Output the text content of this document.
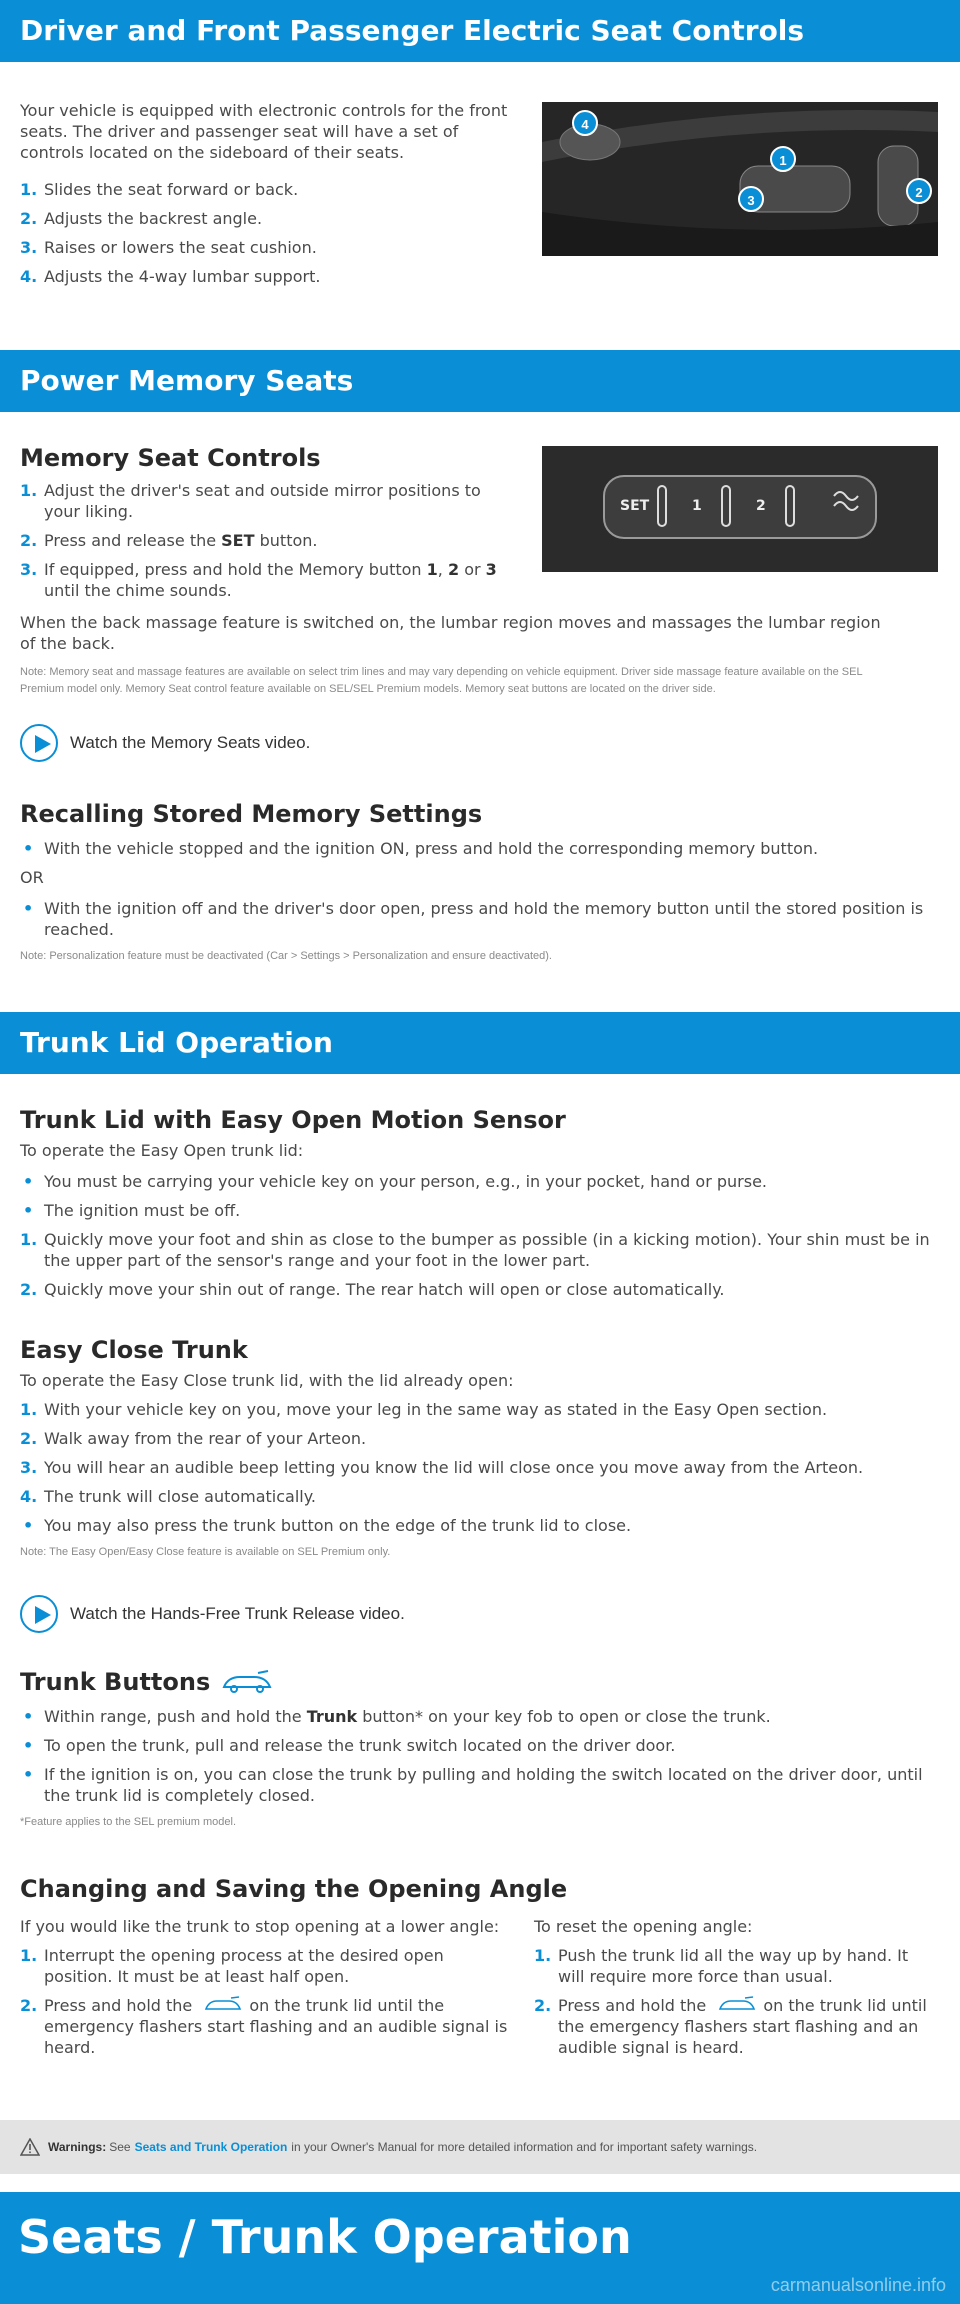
Driver and Front Passenger Electric Seat Controls

Your vehicle is equipped with electronic controls for the front seats. The driver and passenger seat will have a set of controls located on the sideboard of their seats.

1. Slides the seat forward or back.
2. Adjusts the backrest angle.
3. Raises or lowers the seat cushion.
4. Adjusts the 4-way lumbar support.
4
1
3
2
Power Memory Seats
Memory Seat Controls
1. Adjust the driver's seat and outside mirror positions to your liking.
2. Press and release the SET button.
3. If equipped, press and hold the Memory button 1, 2 or 3 until the chime sounds.
SET	1	2

When the back massage feature is switched on, the lumbar region moves and massages the lumbar region of the back.

Note: Memory seat and massage features are available on select trim lines and may vary depending on vehicle equipment. Driver side massage feature available on the SEL Premium model only. Memory Seat control feature available on SEL/SEL Premium models. Memory seat buttons are located on the driver side.

Watch the Memory Seats video.
Recalling Stored Memory Settings
• With the vehicle stopped and the ignition ON, press and hold the corresponding memory button.

OR

• With the ignition off and the driver's door open, press and hold the memory button until the stored position is reached.

Note: Personalization feature must be deactivated (Car > Settings > Personalization and ensure deactivated).

Trunk Lid Operation
Trunk Lid with Easy Open Motion Sensor

To operate the Easy Open trunk lid:

• You must be carrying your vehicle key on your person, e.g., in your pocket, hand or purse.
• The ignition must be off.
1. Quickly move your foot and shin as close to the bumper as possible (in a kicking motion). Your shin must be in the upper part of the sensor's range and your foot in the lower part.
2. Quickly move your shin out of range. The rear hatch will open or close automatically.
Easy Close Trunk

To operate the Easy Close trunk lid, with the lid already open:

1. With your vehicle key on you, move your leg in the same way as stated in the Easy Open section.
2. Walk away from the rear of your Arteon.
3. You will hear an audible beep letting you know the lid will close once you move away from the Arteon.
4. The trunk will close automatically.
• You may also press the trunk button on the edge of the trunk lid to close.

Note: The Easy Open/Easy Close feature is available on SEL Premium only.

Watch the Hands-Free Trunk Release video.
Trunk Buttons
• Within range, push and hold the Trunk button* on your key fob to open or close the trunk.
• To open the trunk, pull and release the trunk switch located on the driver door.
• If the ignition is on, you can close the trunk by pulling and holding the switch located on the driver door, until the trunk lid is completely closed.

*Feature applies to the SEL premium model.

Changing and Saving the Opening Angle

If you would like the trunk to stop opening at a lower angle:

1. Interrupt the opening process at the desired open position. It must be at least half open.
2. Press and hold the	on the trunk lid until the emergency flashers start flashing and an audible signal is heard.

To reset the opening angle:

1. Push the trunk lid all the way up by hand. It will require more force than usual.
2. Press and hold the	on the trunk lid until the emergency flashers start flashing and an audible signal is heard.
Warnings: See Seats and Trunk Operation in your Owner's Manual for more detailed information and for important safety warnings.
Seats / Trunk Operation
carmanualsonline.info
